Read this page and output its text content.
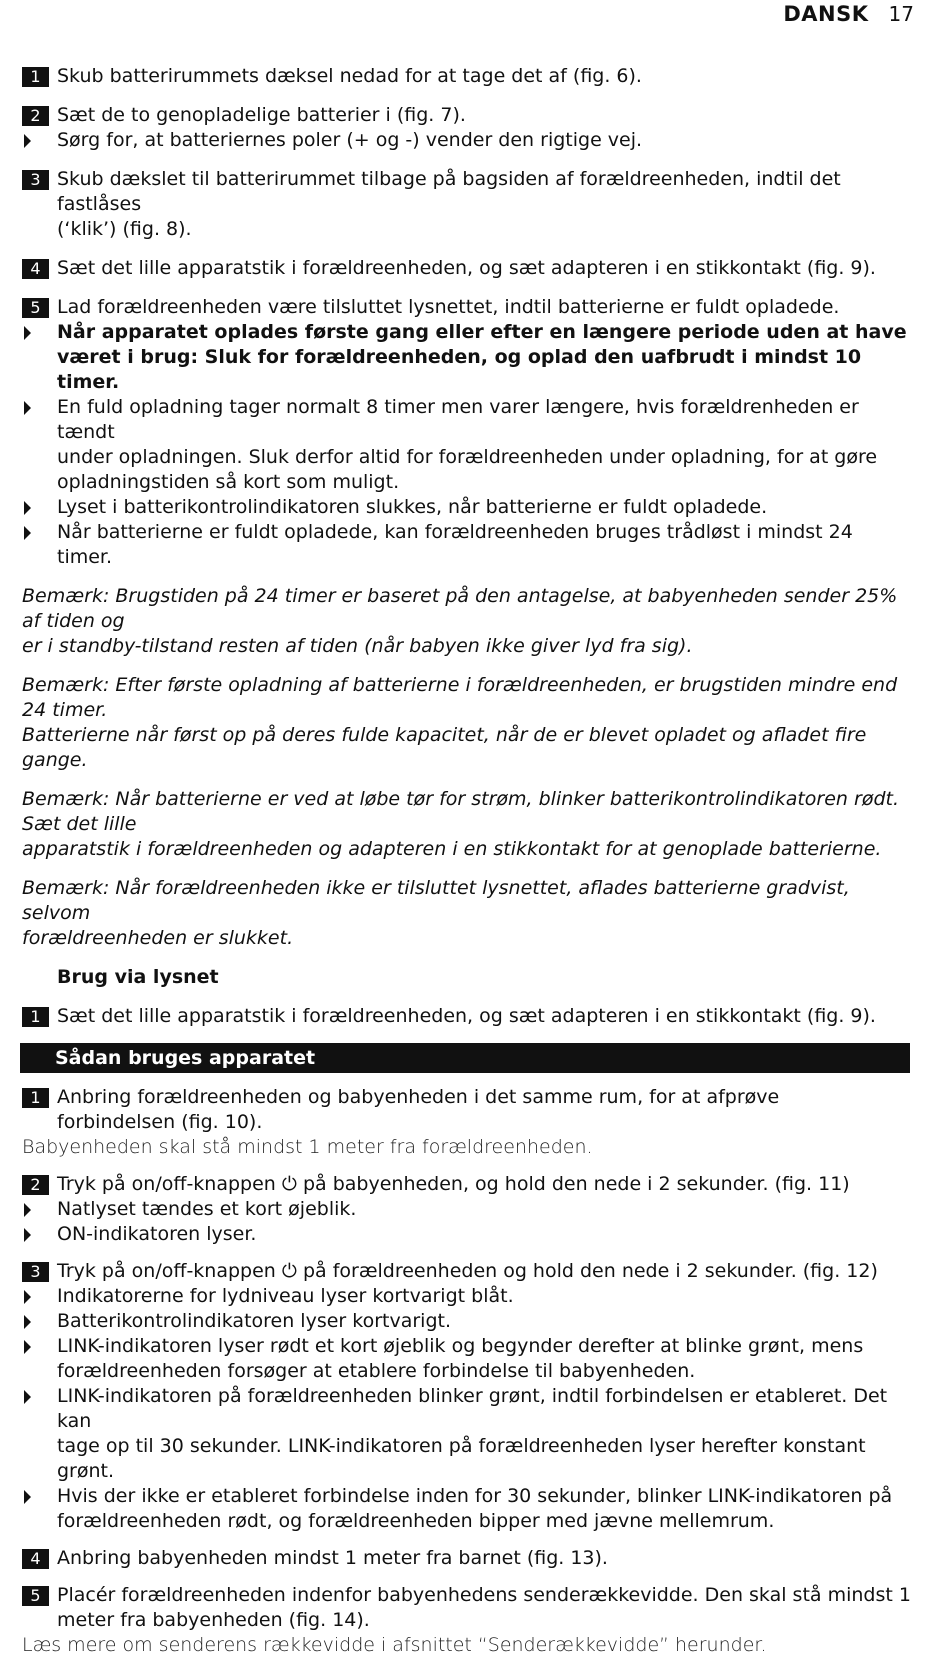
DANSK 17
1 Skub batterirummets dæksel nedad for at tage det af (fig. 6).
2 Sæt de to genopladelige batterier i (fig. 7).
Sørg for, at batteriernes poler (+ og -) vender den rigtige vej.
3 Skub dækslet til batterirummet tilbage på bagsiden af forældreenheden, indtil det fastlåses
(‘klik’) (fig. 8).
4 Sæt det lille apparatstik i forældreenheden, og sæt adapteren i en stikkontakt (fig. 9).
5 Lad forældreenheden være tilsluttet lysnettet, indtil batterierne er fuldt opladede.
Når apparatet oplades første gang eller efter en længere periode uden at have
været i brug: Sluk for forældreenheden, og oplad den uafbrudt i mindst 10 timer.
En fuld opladning tager normalt 8 timer men varer længere, hvis forældrenheden er tændt
under opladningen. Sluk derfor altid for forældreenheden under opladning, for at gøre
opladningstiden så kort som muligt.
Lyset i batterikontrolindikatoren slukkes, når batterierne er fuldt opladede.
Når batterierne er fuldt opladede, kan forældreenheden bruges trådløst i mindst 24 timer.
Bemærk: Brugstiden på 24 timer er baseret på den antagelse, at babyenheden sender 25% af tiden og
er i standby-tilstand resten af tiden (når babyen ikke giver lyd fra sig).
Bemærk: Efter første opladning af batterierne i forældreenheden, er brugstiden mindre end 24 timer.
Batterierne når først op på deres fulde kapacitet, når de er blevet opladet og afladet fire gange.
Bemærk: Når batterierne er ved at løbe tør for strøm, blinker batterikontrolindikatoren rødt. Sæt det lille
apparatstik i forældreenheden og adapteren i en stikkontakt for at genoplade batterierne.
Bemærk: Når forældreenheden ikke er tilsluttet lysnettet, aflades batterierne gradvist, selvom
forældreenheden er slukket.
Brug via lysnet
1 Sæt det lille apparatstik i forældreenheden, og sæt adapteren i en stikkontakt (fig. 9).
Sådan bruges apparatet
1 Anbring forældreenheden og babyenheden i det samme rum, for at afprøve
forbindelsen (fig. 10).
Babyenheden skal stå mindst 1 meter fra forældreenheden.
2 Tryk på on/off-knappen ⏻ på babyenheden, og hold den nede i 2 sekunder. (fig. 11)
Natlyset tændes et kort øjeblik.
ON-indikatoren lyser.
3 Tryk på on/off-knappen ⏻ på forældreenheden og hold den nede i 2 sekunder. (fig. 12)
Indikatorerne for lydniveau lyser kortvarigt blåt.
Batterikontrolindikatoren lyser kortvarigt.
LINK-indikatoren lyser rødt et kort øjeblik og begynder derefter at blinke grønt, mens
forældreenheden forsøger at etablere forbindelse til babyenheden.
LINK-indikatoren på forældreenheden blinker grønt, indtil forbindelsen er etableret. Det kan
tage op til 30 sekunder. LINK-indikatoren på forældreenheden lyser herefter konstant grønt.
Hvis der ikke er etableret forbindelse inden for 30 sekunder, blinker LINK-indikatoren på
forældreenheden rødt, og forældreenheden bipper med jævne mellemrum.
4 Anbring babyenheden mindst 1 meter fra barnet (fig. 13).
5 Placér forældreenheden indenfor babyenhedens senderækkevidde. Den skal stå mindst 1
meter fra babyenheden (fig. 14).
Læs mere om senderens rækkevidde i afsnittet “Senderækkevidde” herunder.
